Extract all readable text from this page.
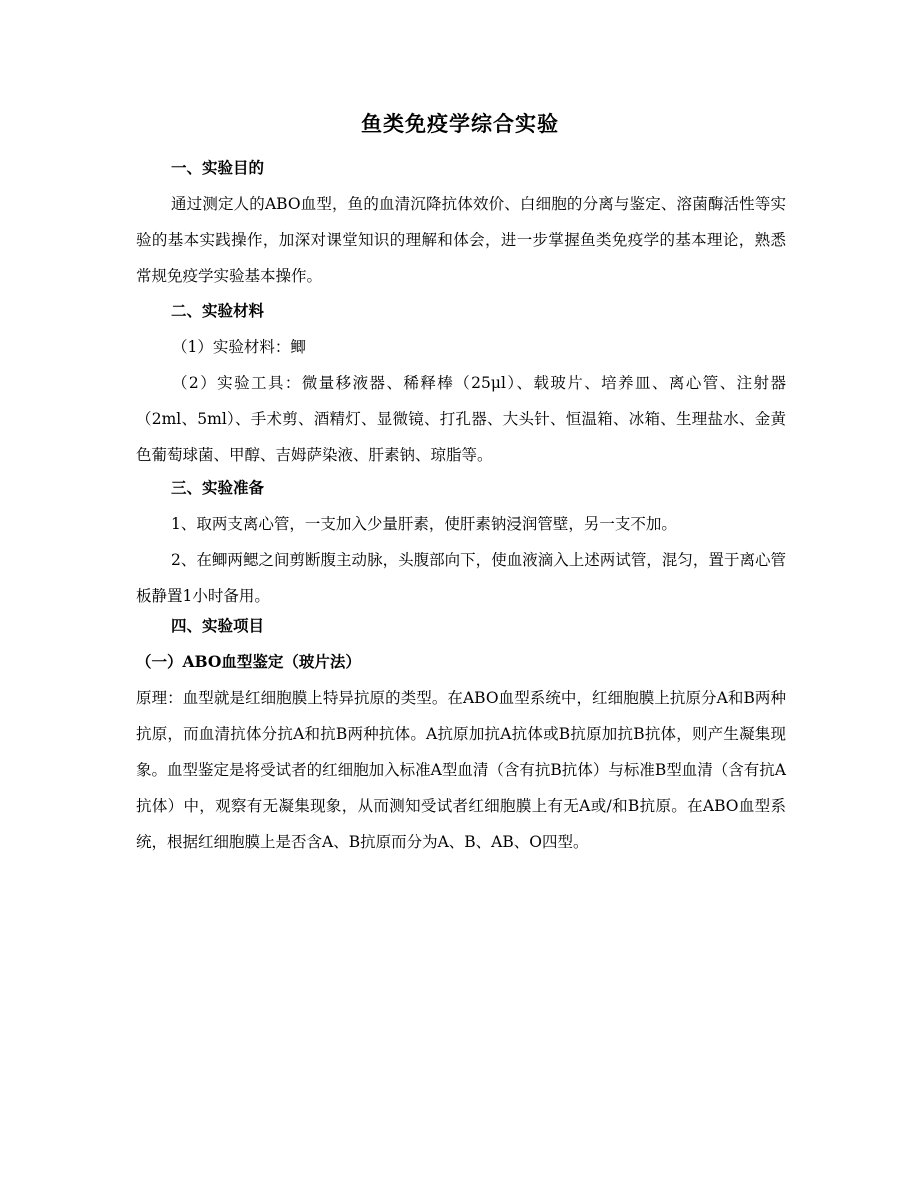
鱼类免疫学综合实验

一、实验目的

通过测定人的ABO血型，鱼的血清沉降抗体效价、白细胞的分离与鉴定、溶菌酶活性等实验的基本实践操作，加深对课堂知识的理解和体会，进一步掌握鱼类免疫学的基本理论，熟悉常规免疫学实验基本操作。

二、实验材料

（1）实验材料：鲫

（2）实验工具：微量移液器、稀释棒（25μl）、载玻片、培养皿、离心管、注射器（2ml、5ml）、手术剪、酒精灯、显微镜、打孔器、大头针、恒温箱、冰箱、生理盐水、金黄色葡萄球菌、甲醇、吉姆萨染液、肝素钠、琼脂等。

三、实验准备

1、取两支离心管，一支加入少量肝素，使肝素钠浸润管壁，另一支不加。

2、在鲫两鳃之间剪断腹主动脉，头腹部向下，使血液滴入上述两试管，混匀，置于离心管板静置1小时备用。

四、实验项目

（一）ABO血型鉴定（玻片法）

原理：血型就是红细胞膜上特异抗原的类型。在ABO血型系统中，红细胞膜上抗原分A和B两种抗原，而血清抗体分抗A和抗B两种抗体。A抗原加抗A抗体或B抗原加抗B抗体，则产生凝集现象。血型鉴定是将受试者的红细胞加入标准A型血清（含有抗B抗体）与标准B型血清（含有抗A抗体）中，观察有无凝集现象，从而测知受试者红细胞膜上有无A或/和B抗原。在ABO血型系统，根据红细胞膜上是否含A、B抗原而分为A、B、AB、O四型。
